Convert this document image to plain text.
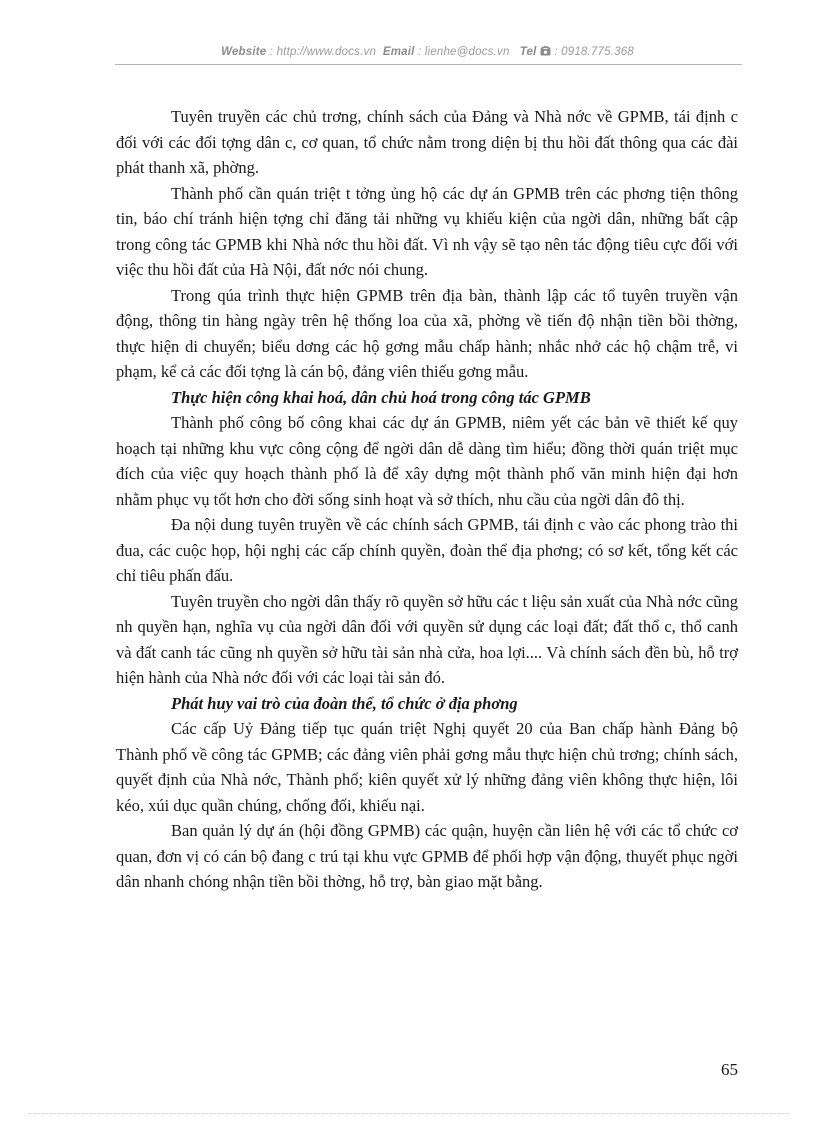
Website : http://www.docs.vn Email : lienhe@docs.vn Tel : 0918.775.368

Tuyên truyền các chủ trơng, chính sách của Đảng và Nhà nớc về GPMB, tái định c đối với các đối tợng dân c, cơ quan, tổ chức nằm trong diện bị thu hồi đất thông qua các đài phát thanh xã, phờng.

Thành phố cần quán triệt t tởng ủng hộ các dự án GPMB trên các phơng tiện thông tin, báo chí tránh hiện tợng chỉ đăng tải những vụ khiếu kiện của ngời dân, những bất cập trong công tác GPMB khi Nhà nớc thu hồi đất. Vì nh vậy sẽ tạo nên tác động tiêu cực đối với việc thu hồi đất của Hà Nội, đất nớc nói chung.

Trong qúa trình thực hiện GPMB trên địa bàn, thành lập các tổ tuyên truyền vận động, thông tin hàng ngày trên hệ thống loa của xã, phờng về tiến độ nhận tiền bồi thờng, thực hiện di chuyển; biểu dơng các hộ gơng mẫu chấp hành; nhắc nhở các hộ chậm trễ, vi phạm, kể cả các đối tợng là cán bộ, đảng viên thiếu gơng mẫu.

Thực hiện công khai hoá, dân chủ hoá trong công tác GPMB

Thành phố công bố công khai các dự án GPMB, niêm yết các bản vẽ thiết kế quy hoạch tại những khu vực công cộng để ngời dân dễ dàng tìm hiểu; đồng thời quán triệt mục đích của việc quy hoạch thành phố là để xây dựng một thành phố văn minh hiện đại hơn nhằm phục vụ tốt hơn cho đời sống sinh hoạt và sở thích, nhu cầu của ngời dân đô thị.

Đa nội dung tuyên truyền về các chính sách GPMB, tái định c vào các phong trào thi đua, các cuộc họp, hội nghị các cấp chính quyền, đoàn thể địa phơng; có sơ kết, tổng kết các chỉ tiêu phấn đấu.

Tuyên truyền cho ngời dân thấy rõ quyền sở hữu các t liệu sản xuất của Nhà nớc cũng nh quyền hạn, nghĩa vụ của ngời dân đối với quyền sử dụng các loại đất; đất thổ c, thổ canh và đất canh tác cũng nh quyền sở hữu tài sản nhà cửa, hoa lợi.... Và chính sách đền bù, hỗ trợ hiện hành của Nhà nớc đối với các loại tài sản đó.

Phát huy vai trò của đoàn thể, tổ chức ở địa phơng

Các cấp Uỷ Đảng tiếp tục quán triệt Nghị quyết 20 của Ban chấp hành Đảng bộ Thành phố về công tác GPMB; các đảng viên phải gơng mẫu thực hiện chủ trơng; chính sách, quyết định của Nhà nớc, Thành phố; kiên quyết xử lý những đảng viên không thực hiện, lôi kéo, xúi dục quần chúng, chống đối, khiếu nại.

Ban quản lý dự án (hội đồng GPMB) các quận, huyện cần liên hệ với các tổ chức cơ quan, đơn vị có cán bộ đang c trú tại khu vực GPMB để phối hợp vận động, thuyết phục ngời dân nhanh chóng nhận tiền bồi thờng, hỗ trợ, bàn giao mặt bằng.

65
